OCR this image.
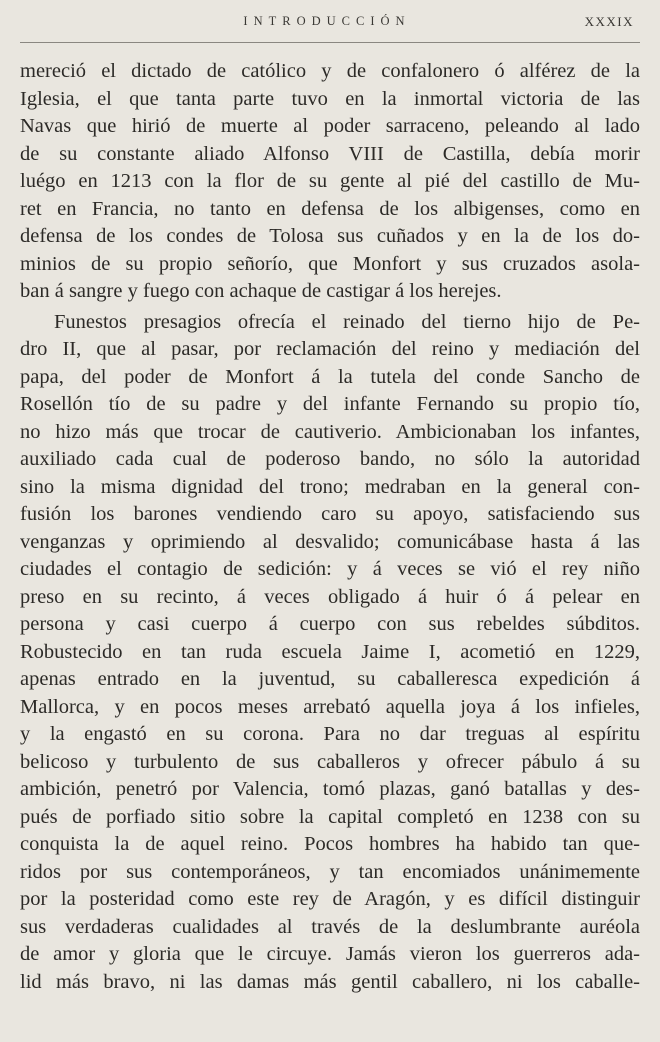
INTRODUCCIÓN	XXXIX
mereció el dictado de católico y de confalonero ó alférez de la
Iglesia, el que tanta parte tuvo en la inmortal victoria de las
Navas que hirió de muerte al poder sarraceno, peleando al lado
de su constante aliado Alfonso VIII de Castilla, debía morir
luégo en 1213 con la flor de su gente al pié del castillo de Mu-
ret en Francia, no tanto en defensa de los albigenses, como en
defensa de los condes de Tolosa sus cuñados y en la de los do-
minios de su propio señorío, que Monfort y sus cruzados asola-
ban á sangre y fuego con achaque de castigar á los herejes.
Funestos presagios ofrecía el reinado del tierno hijo de Pe-
dro II, que al pasar, por reclamación del reino y mediación del
papa, del poder de Monfort á la tutela del conde Sancho de
Rosellón tío de su padre y del infante Fernando su propio tío,
no hizo más que trocar de cautiverio. Ambicionaban los infantes,
auxiliado cada cual de poderoso bando, no sólo la autoridad
sino la misma dignidad del trono; medraban en la general con-
fusión los barones vendiendo caro su apoyo, satisfaciendo sus
venganzas y oprimiendo al desvalido; comunicábase hasta á las
ciudades el contagio de sedición: y á veces se vió el rey niño
preso en su recinto, á veces obligado á huir ó á pelear en
persona y casi cuerpo á cuerpo con sus rebeldes súbditos.
Robustecido en tan ruda escuela Jaime I, acometió en 1229,
apenas entrado en la juventud, su caballeresca expedición á
Mallorca, y en pocos meses arrebató aquella joya á los infieles,
y la engastó en su corona. Para no dar treguas al espíritu
belicoso y turbulento de sus caballeros y ofrecer pábulo á su
ambición, penetró por Valencia, tomó plazas, ganó batallas y des-
pués de porfiado sitio sobre la capital completó en 1238 con su
conquista la de aquel reino. Pocos hombres ha habido tan que-
ridos por sus contemporáneos, y tan encomiados unánimemente
por la posteridad como este rey de Aragón, y es difícil distinguir
sus verdaderas cualidades al través de la deslumbrante auréola
de amor y gloria que le circuye. Jamás vieron los guerreros ada-
lid más bravo, ni las damas más gentil caballero, ni los caballe-
